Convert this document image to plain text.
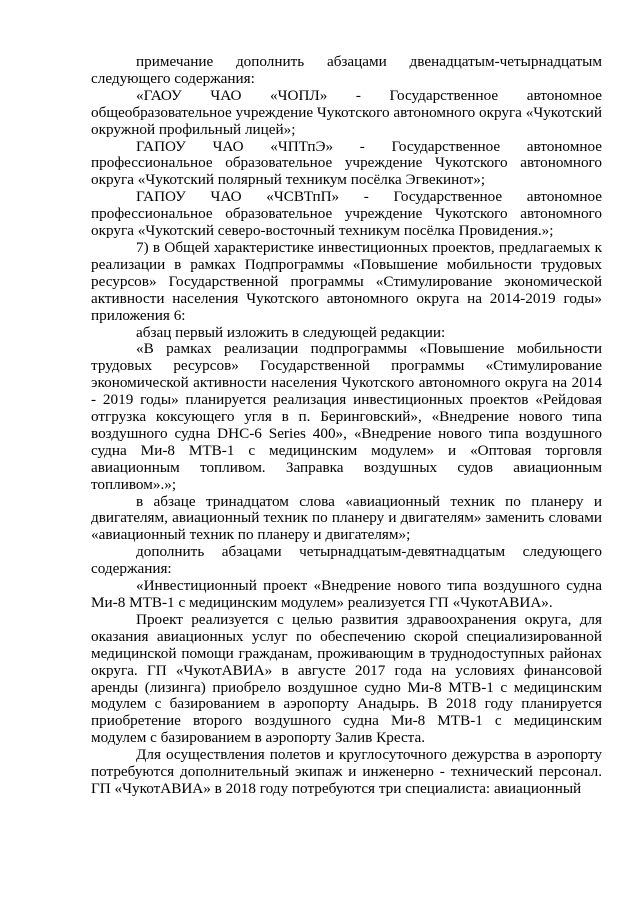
примечание дополнить абзацами двенадцатым-четырнадцатым следующего содержания:

«ГАОУ ЧАО «ЧОПЛ» - Государственное автономное общеобразовательное учреждение Чукотского автономного округа «Чукотский окружной профильный лицей»;

ГАПОУ ЧАО «ЧПТпЭ» - Государственное автономное профессиональное образовательное учреждение Чукотского автономного округа «Чукотский полярный техникум посёлка Эгвекинот»;

ГАПОУ ЧАО «ЧСВТпП» - Государственное автономное профессиональное образовательное учреждение Чукотского автономного округа «Чукотский северо-восточный техникум посёлка Провидения.»;

7) в Общей характеристике инвестиционных проектов, предлагаемых к реализации в рамках Подпрограммы «Повышение мобильности трудовых ресурсов» Государственной программы «Стимулирование экономической активности населения Чукотского автономного округа на 2014-2019 годы» приложения 6:

абзац первый изложить в следующей редакции:

«В рамках реализации подпрограммы «Повышение мобильности трудовых ресурсов» Государственной программы «Стимулирование экономической активности населения Чукотского автономного округа на 2014 - 2019 годы» планируется реализация инвестиционных проектов «Рейдовая отгрузка коксующего угля в п. Беринговский», «Внедрение нового типа воздушного судна DHC-6 Series 400», «Внедрение нового типа воздушного судна Ми-8 МТВ-1 с медицинским модулем» и «Оптовая торговля авиационным топливом. Заправка воздушных судов авиационным топливом».»;

в абзаце тринадцатом слова «авиационный техник по планеру и двигателям, авиационный техник по планеру и двигателям» заменить словами «авиационный техник по планеру и двигателям»;

дополнить абзацами четырнадцатым-девятнадцатым следующего содержания:

«Инвестиционный проект «Внедрение нового типа воздушного судна Ми-8 МТВ-1 с медицинским модулем» реализуется ГП «ЧукотАВИА».

Проект реализуется с целью развития здравоохранения округа, для оказания авиационных услуг по обеспечению скорой специализированной медицинской помощи гражданам, проживающим в труднодоступных районах округа. ГП «ЧукотАВИА» в августе 2017 года на условиях финансовой аренды (лизинга) приобрело воздушное судно Ми-8 МТВ-1 с медицинским модулем с базированием в аэропорту Анадырь. В 2018 году планируется приобретение второго воздушного судна Ми-8 МТВ-1 с медицинским модулем с базированием в аэропорту Залив Креста.

Для осуществления полетов и круглосуточного дежурства в аэропорту потребуются дополнительный экипаж и инженерно - технический персонал. ГП «ЧукотАВИА» в 2018 году потребуются три специалиста: авиационный
